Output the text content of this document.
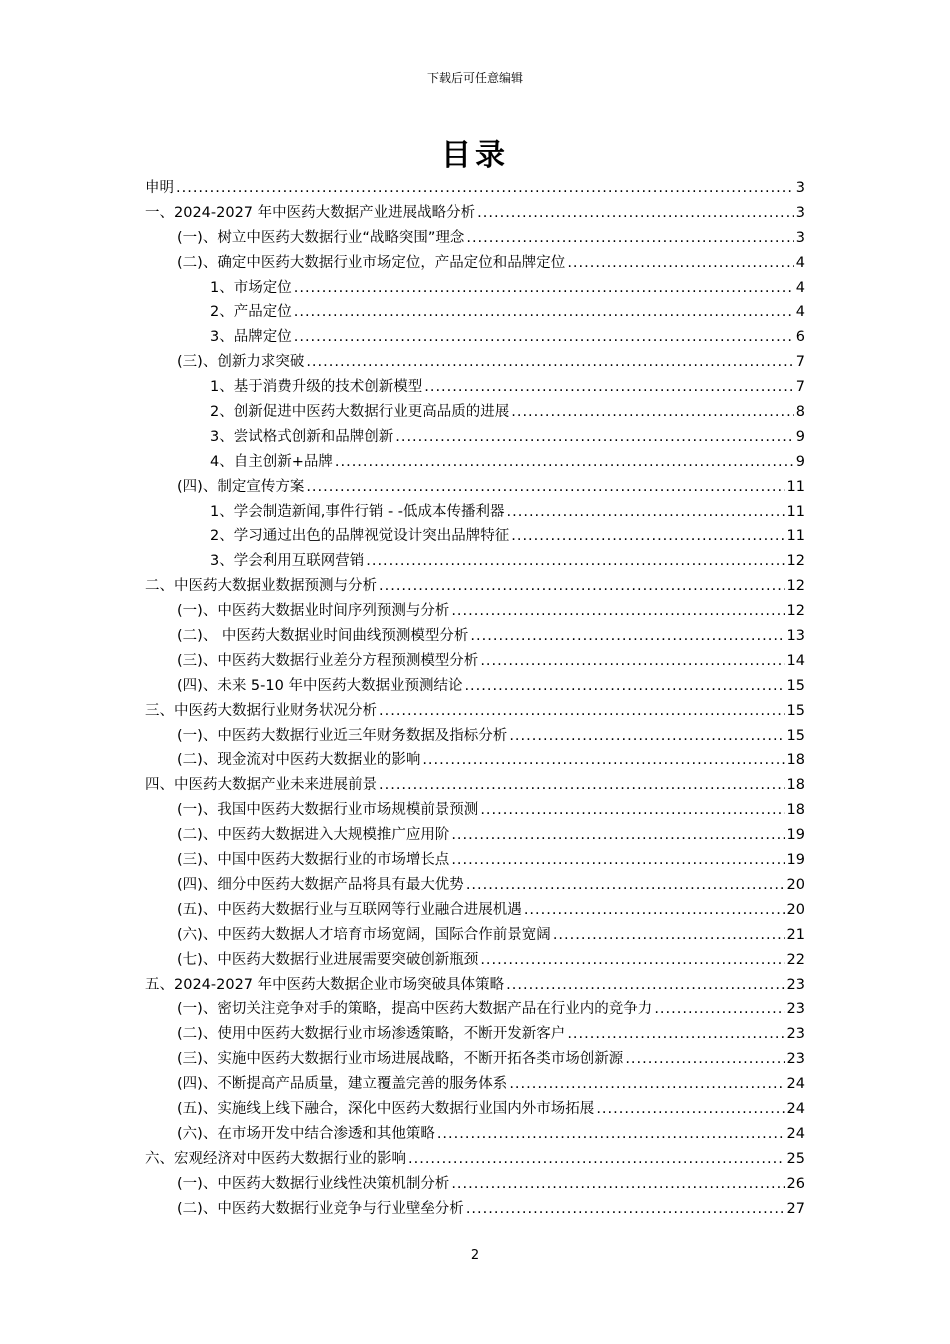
下载后可任意编辑
目录
申明 .....	3
一、2024-2027 年中医药大数据产业进展战略分析 .....	3
(一)、树立中医药大数据行业“战略突围”理念 .....	3
(二)、确定中医药大数据行业市场定位，产品定位和品牌定位 .....	4
1、市场定位 .....	4
2、产品定位 .....	4
3、品牌定位 .....	6
(三)、创新力求突破 .....	7
1、基于消费升级的技术创新模型 .....	7
2、创新促进中医药大数据行业更高品质的进展 .....	8
3、尝试格式创新和品牌创新 .....	9
4、自主创新+品牌 .....	9
(四)、制定宣传方案 .....	11
1、学会制造新闻,事件行销 - -低成本传播利器 .....	11
2、学习通过出色的品牌视觉设计突出品牌特征 .....	11
3、学会利用互联网营销 .....	12
二、中医药大数据业数据预测与分析 .....	12
(一)、中医药大数据业时间序列预测与分析 .....	12
(二)、 中医药大数据业时间曲线预测模型分析 .....	13
(三)、中医药大数据行业差分方程预测模型分析 .....	14
(四)、未来 5-10 年中医药大数据业预测结论 .....	15
三、中医药大数据行业财务状况分析 .....	15
(一)、中医药大数据行业近三年财务数据及指标分析 .....	15
(二)、现金流对中医药大数据业的影响 .....	18
四、中医药大数据产业未来进展前景 .....	18
(一)、我国中医药大数据行业市场规模前景预测 .....	18
(二)、中医药大数据进入大规模推广应用阶 .....	19
(三)、中国中医药大数据行业的市场增长点 .....	19
(四)、细分中医药大数据产品将具有最大优势 .....	20
(五)、中医药大数据行业与互联网等行业融合进展机遇 .....	20
(六)、中医药大数据人才培育市场宽阔，国际合作前景宽阔 .....	21
(七)、中医药大数据行业进展需要突破创新瓶颈 .....	22
五、2024-2027 年中医药大数据企业市场突破具体策略 .....	23
(一)、密切关注竞争对手的策略，提高中医药大数据产品在行业内的竞争力 .....	23
(二)、使用中医药大数据行业市场渗透策略，不断开发新客户 .....	23
(三)、实施中医药大数据行业市场进展战略，不断开拓各类市场创新源 .....	23
(四)、不断提高产品质量，建立覆盖完善的服务体系 .....	24
(五)、实施线上线下融合，深化中医药大数据行业国内外市场拓展 .....	24
(六)、在市场开发中结合渗透和其他策略 .....	24
六、宏观经济对中医药大数据行业的影响 .....	25
(一)、中医药大数据行业线性决策机制分析 .....	26
(二)、中医药大数据行业竞争与行业壁垒分析 .....	27
2
